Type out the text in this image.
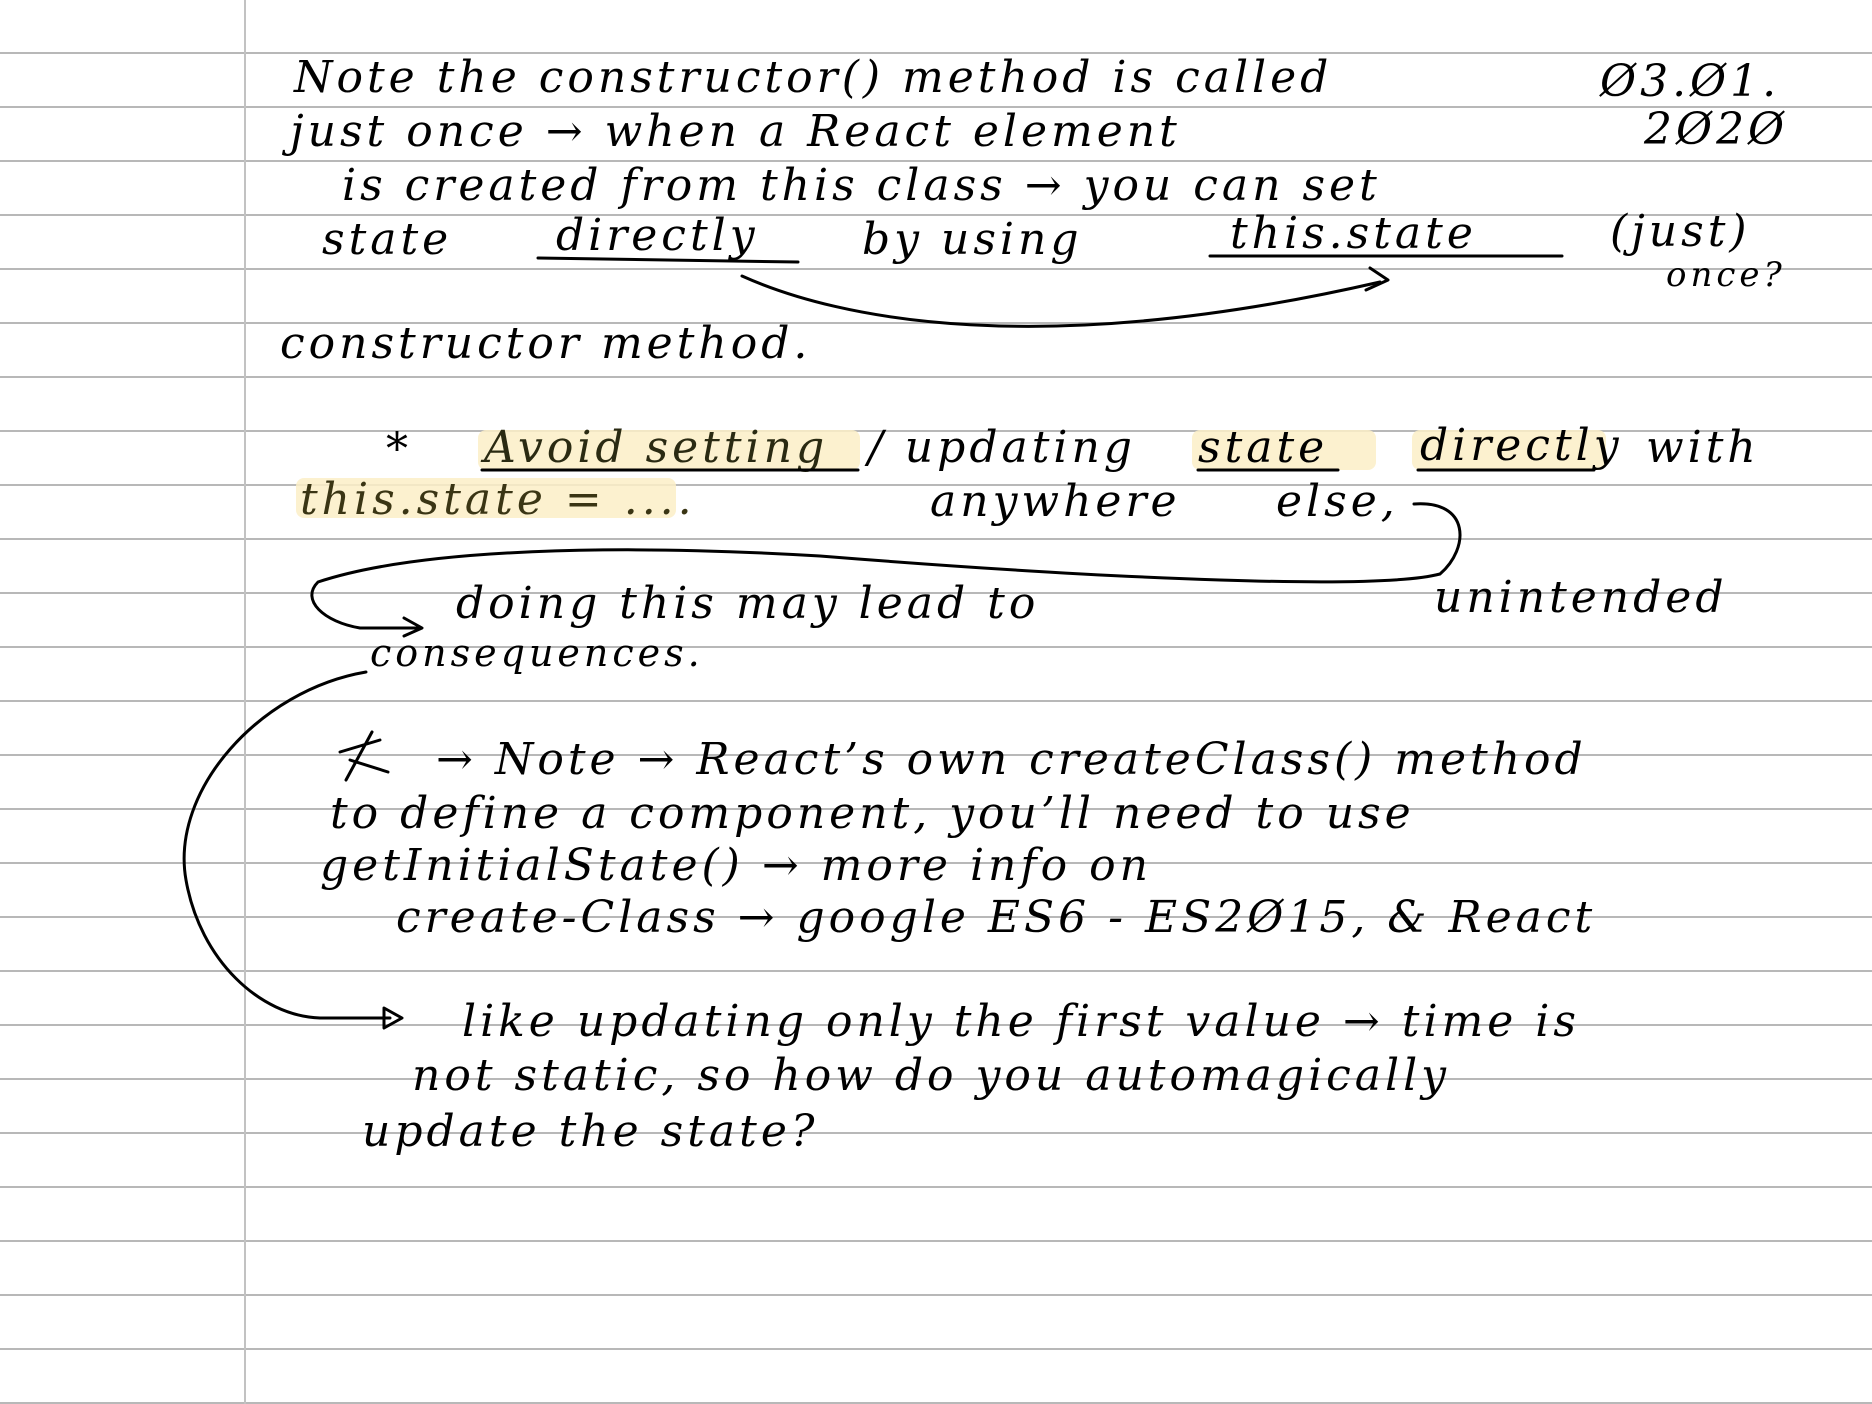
Note the constructor() method is called	Ø3.Ø1.
just once → when a React element	2Ø2Ø
is created from this class → you can set
state directly by using	this.state	(just)
once?
constructor method.
* Avoid setting / updating state directly with
this.state = ....	anywhere else,
doing this may lead to	unintended
consequences.
→ Note → React’s own createClass() method
to define a component, you’ll need to use
getInitialState() → more info on
create-Class → google ES6 - ES2Ø15, & React
like updating only the first value → time is
not static, so how do you automagically
update the state?
